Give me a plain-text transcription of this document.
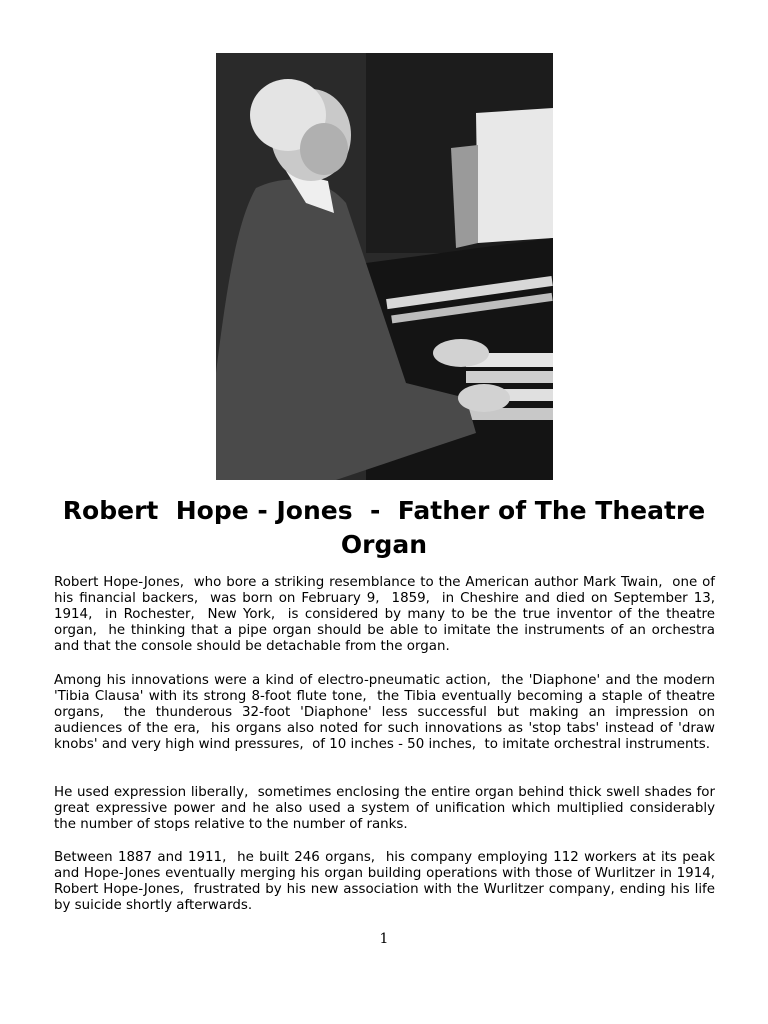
Robert  Hope - Jones  -  Father of The Theatre Organ

Robert Hope-Jones,  who bore a striking resemblance to the American author Mark Twain,  one of his financial backers,  was born on February 9,  1859,  in Cheshire and died on September 13,  1914,  in Rochester,  New York,  is considered by many to be the true inventor of the theatre organ,  he thinking that a pipe organ should be able to imitate the instruments of an orchestra and that the console should be detachable from the organ.

Among his innovations were a kind of electro-pneumatic action,  the 'Diaphone' and the modern 'Tibia Clausa' with its strong 8-foot flute tone,  the Tibia eventually becoming a staple of theatre organs,  the thunderous 32-foot 'Diaphone' less successful but making an impression on audiences of the era,  his organs also noted for such innovations as 'stop tabs' instead of 'draw knobs' and very high wind pressures,  of 10 inches - 50 inches,  to imitate orchestral instruments.

He used expression liberally,  sometimes enclosing the entire organ behind thick swell shades for great expressive power and he also used a system of unification which multiplied considerably the number of stops relative to the number of ranks.

Between 1887 and 1911,  he built 246 organs,  his company employing 112 workers at its peak and Hope-Jones eventually merging his organ building operations with those of Wurlitzer in 1914,  Robert Hope-Jones,  frustrated by his new association with the Wurlitzer company, ending his life by suicide shortly afterwards.

1
